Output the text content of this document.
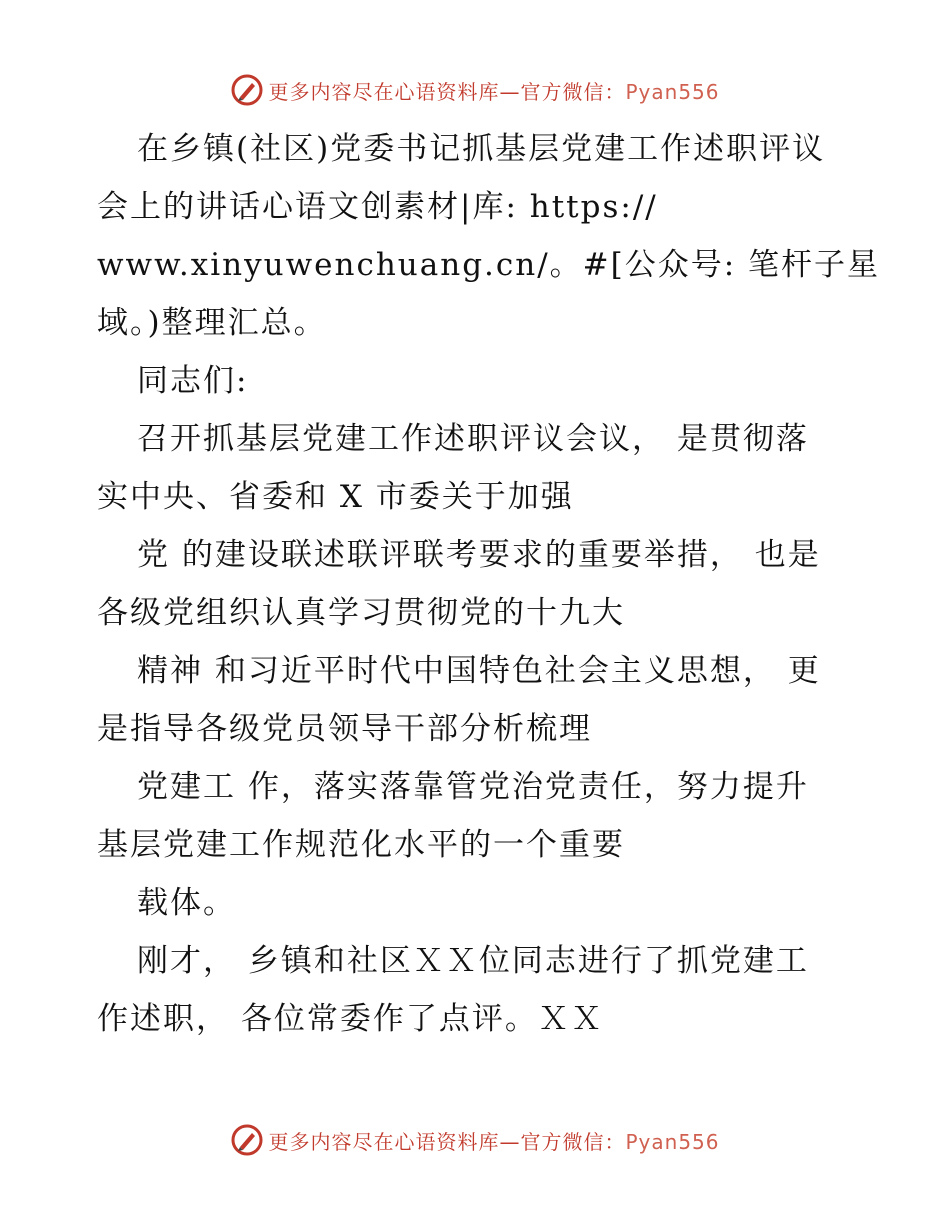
更多内容尽在心语资料库—官方微信：Pyan556
在乡镇(社区)党委书记抓基层党建工作述职评议
会上的讲话心语文创素材|库: https://
www.xinyuwenchuang.cn/。#[公众号: 笔杆子星
域。)整理汇总。
同志们:
召开抓基层党建工作述职评议会议， 是贯彻落
实中央、省委和 X 市委关于加强
党 的建设联述联评联考要求的重要举措， 也是
各级党组织认真学习贯彻党的十九大
精神 和习近平时代中国特色社会主义思想， 更
是指导各级党员领导干部分析梳理
党建工 作，落实落靠管党治党责任，努力提升
基层党建工作规范化水平的一个重要
载体。
刚才， 乡镇和社区ＸＸ位同志进行了抓党建工
作述职， 各位常委作了点评。ＸＸ
更多内容尽在心语资料库—官方微信：Pyan556
